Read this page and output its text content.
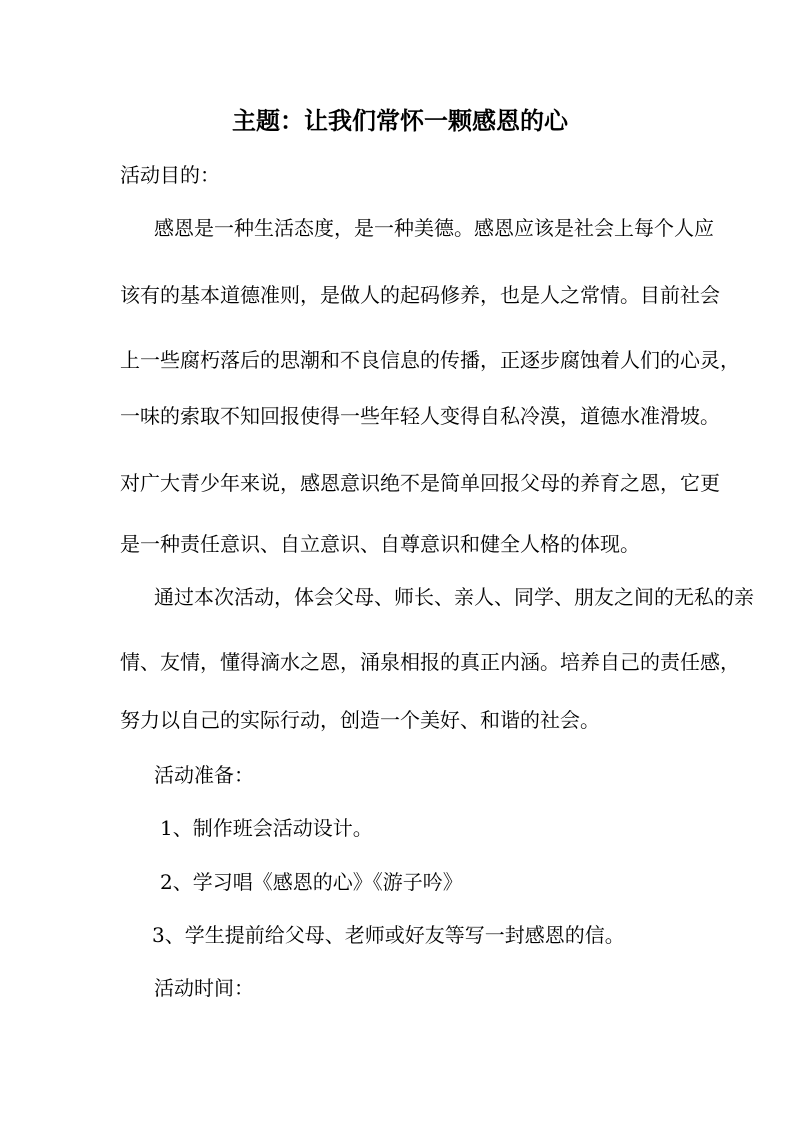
主题：让我们常怀一颗感恩的心

活动目的：

感恩是一种生活态度，是一种美德。感恩应该是社会上每个人应

该有的基本道德准则，是做人的起码修养，也是人之常情。目前社会

上一些腐朽落后的思潮和不良信息的传播，正逐步腐蚀着人们的心灵，

一味的索取不知回报使得一些年轻人变得自私冷漠，道德水准滑坡。

对广大青少年来说，感恩意识绝不是简单回报父母的养育之恩，它更

是一种责任意识、自立意识、自尊意识和健全人格的体现。

通过本次活动，体会父母、师长、亲人、同学、朋友之间的无私的亲

情、友情，懂得滴水之恩，涌泉相报的真正内涵。培养自己的责任感，

努力以自己的实际行动，创造一个美好、和谐的社会。

活动准备：

1、制作班会活动设计。

2、学习唱《感恩的心》《游子吟》

3、学生提前给父母、老师或好友等写一封感恩的信。

活动时间：
